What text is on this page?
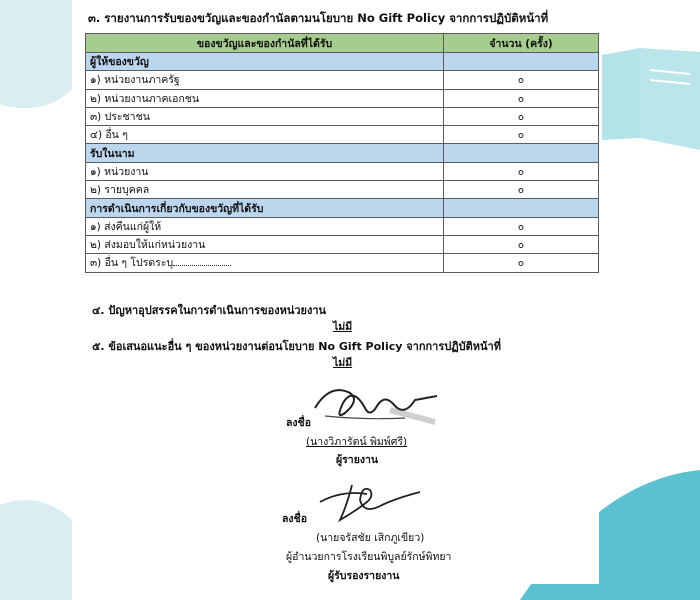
๓. รายงานการรับของขวัญและของกำนัลตามนโยบาย No Gift Policy จากการปฏิบัติหน้าที่
ของขวัญและของกำนัลที่ได้รับ	จำนวน (ครั้ง)
ผู้ให้ของขวัญ	
๑) หน่วยงานภาครัฐ	๐
๒) หน่วยงานภาคเอกชน	๐
๓) ประชาชน	๐
๔) อื่น ๆ	๐
รับในนาม	
๑) หน่วยงาน	๐
๒) รายบุคคล	๐
การดำเนินการเกี่ยวกับของขวัญที่ได้รับ	
๑) ส่งคืนแก่ผู้ให้	๐
๒) ส่งมอบให้แก่หน่วยงาน	๐
๓) อื่น ๆ โปรดระบุ	๐
๔. ปัญหาอุปสรรคในการดำเนินการของหน่วยงาน
ไม่มี
๕. ข้อเสนอแนะอื่น ๆ ของหน่วยงานต่อนโยบาย No Gift Policy จากการปฏิบัติหน้าที่
ไม่มี
ลงชื่อ
(นางวิภารัตน์ พิมพ์ศรี)
ผู้รายงาน
ลงชื่อ
(นายจรัสชัย เสิกภูเขียว)
ผู้อำนวยการโรงเรียนพิบูลย์รักษ์พิทยา
ผู้รับรองรายงาน
